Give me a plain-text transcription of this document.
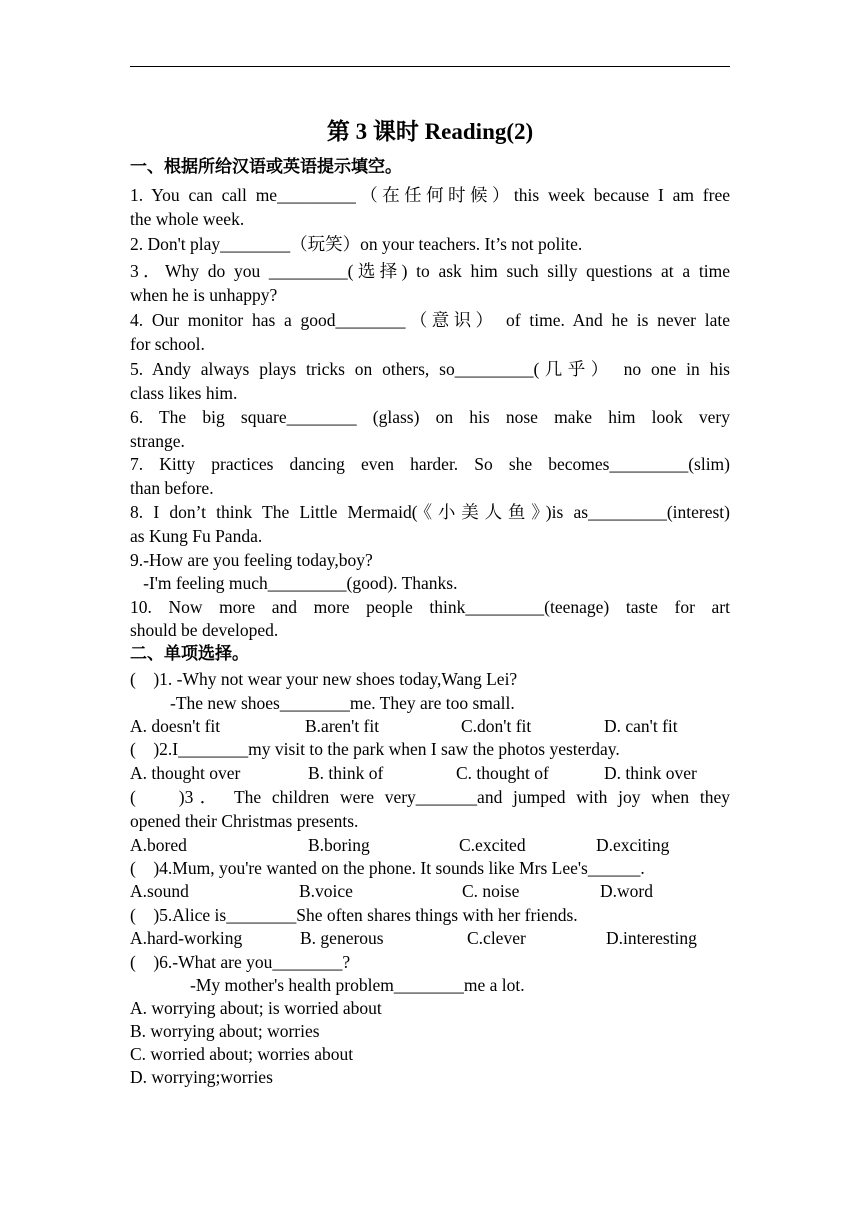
第 3 课时 Reading(2)
一、根据所给汉语或英语提示填空。
1. You can call me_________（在任何时候）this week because I am free
the whole week.
2. Don't play________（玩笑）on your teachers. It’s not polite.
3．Why do you _________(选择) to ask him such silly questions at a time
when he is unhappy?
4. Our monitor has a good________（意识） of time. And he is never late
for school.
5. Andy always plays tricks on others, so_________(几乎） no one in his
class likes him.
6. The big square________ (glass) on his nose make him look very
strange.
7. Kitty practices dancing even harder. So she becomes_________(slim)
than before.
8. I don’t think The Little Mermaid(《小美人鱼》)is as_________(interest)
as Kung Fu Panda.
9.-How are you feeling today,boy?
-I'm feeling much_________(good). Thanks.
10. Now more and more people think_________(teenage) taste for art
should be developed.
二、单项选择。
(    )1. -Why not wear your new shoes today,Wang Lei?
-The new shoes________me. They are too small.
A. doesn't fit	B.aren't fit	C.don't fit	D. can't fit
(    )2.I________my visit to the park when I saw the photos yesterday.
A. thought over	B. think of	C. thought of	D. think over
(    )3． The children were very_______and jumped with joy when they
opened their Christmas presents.
A.bored	B.boring	C.excited	D.exciting
(    )4.Mum, you're wanted on the phone. It sounds like Mrs Lee's______.
A.sound	B.voice	C. noise	D.word
(    )5.Alice is________She often shares things with her friends.
A.hard-working	B. generous	C.clever	D.interesting
(    )6.-What are you________?
-My mother's health problem________me a lot.
A. worrying about; is worried about
B. worrying about; worries
C. worried about; worries about
D. worrying;worries
